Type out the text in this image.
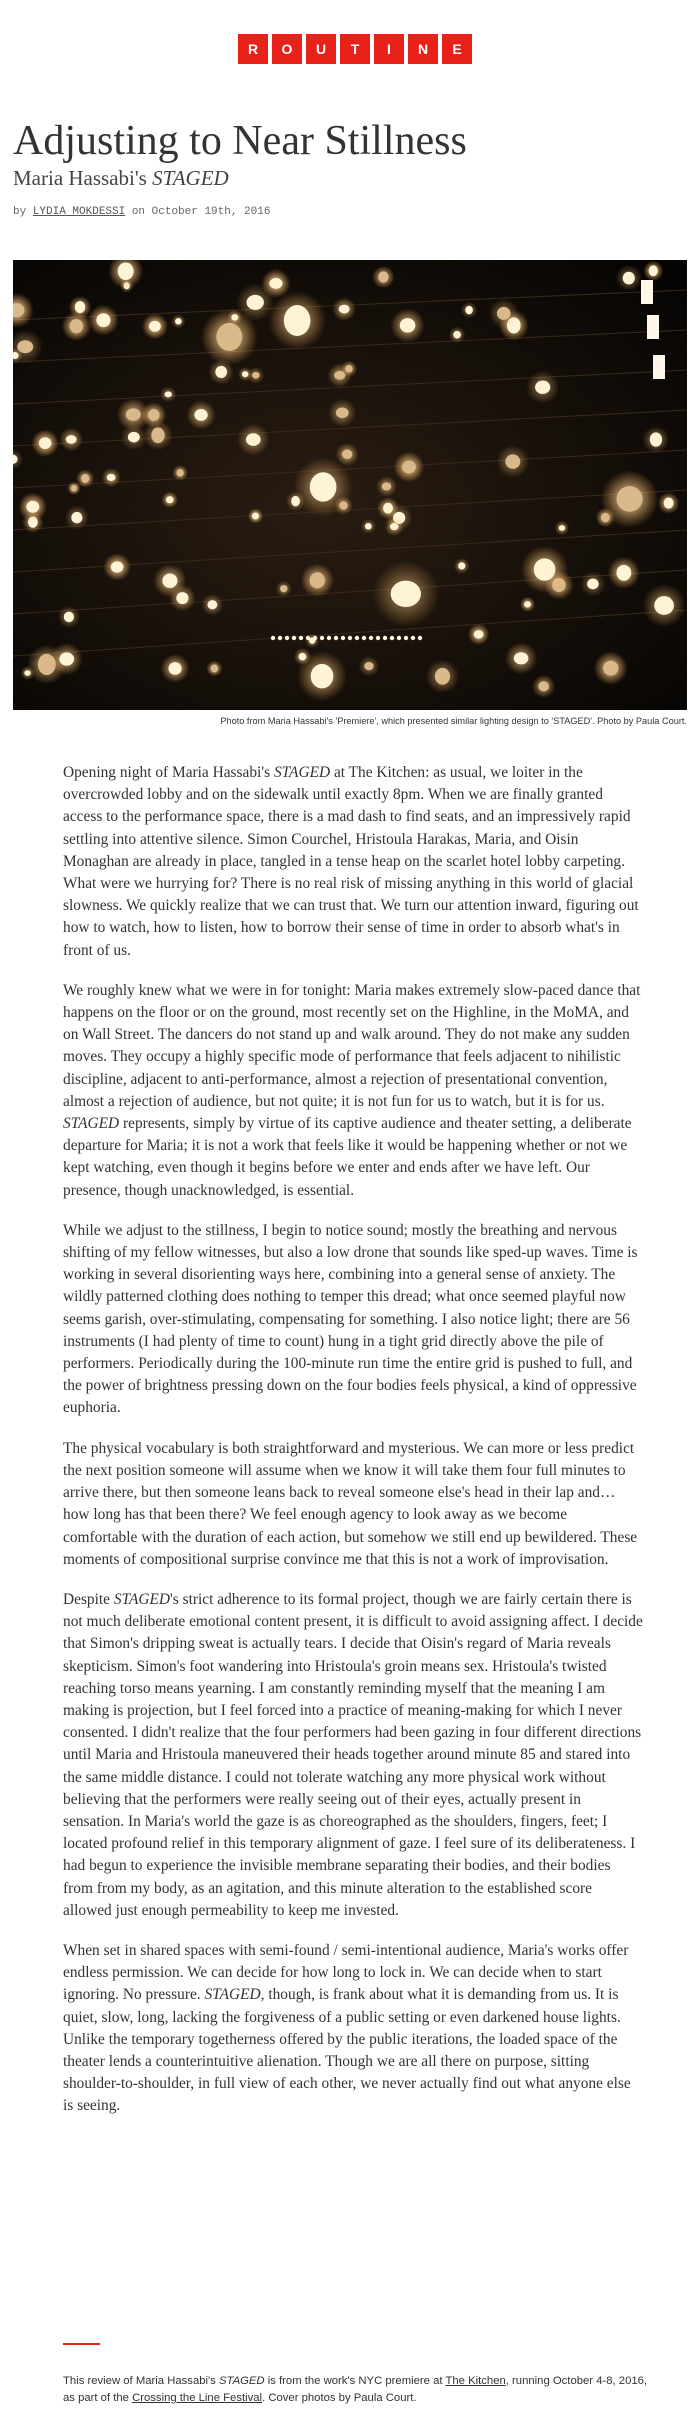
R	O	U	T	I	N	E
Adjusting to Near Stillness
Maria Hassabi's STAGED
by LYDIA MOKDESSI on October 19th, 2016
Photo from Maria Hassabi's 'Premiere', which presented similar lighting design to 'STAGED'. Photo by Paula Court.

Opening night of Maria Hassabi's STAGED at The Kitchen: as usual, we loiter in the overcrowded lobby and on the sidewalk until exactly 8pm. When we are finally granted access to the performance space, there is a mad dash to find seats, and an impressively rapid settling into attentive silence. Simon Courchel, Hristoula Harakas, Maria, and Oisin Monaghan are already in place, tangled in a tense heap on the scarlet hotel lobby carpeting. What were we hurrying for? There is no real risk of missing anything in this world of glacial slowness. We quickly realize that we can trust that. We turn our attention inward, figuring out how to watch, how to listen, how to borrow their sense of time in order to absorb what's in front of us.

We roughly knew what we were in for tonight: Maria makes extremely slow-paced dance that happens on the floor or on the ground, most recently set on the Highline, in the MoMA, and on Wall Street. The dancers do not stand up and walk around. They do not make any sudden moves. They occupy a highly specific mode of performance that feels adjacent to nihilistic discipline, adjacent to anti-performance, almost a rejection of presentational convention, almost a rejection of audience, but not quite; it is not fun for us to watch, but it is for us. STAGED represents, simply by virtue of its captive audience and theater setting, a deliberate departure for Maria; it is not a work that feels like it would be happening whether or not we kept watching, even though it begins before we enter and ends after we have left. Our presence, though unacknowledged, is essential.

While we adjust to the stillness, I begin to notice sound; mostly the breathing and nervous shifting of my fellow witnesses, but also a low drone that sounds like sped-up waves. Time is working in several disorienting ways here, combining into a general sense of anxiety. The wildly patterned clothing does nothing to temper this dread; what once seemed playful now seems garish, over-stimulating, compensating for something. I also notice light; there are 56 instruments (I had plenty of time to count) hung in a tight grid directly above the pile of performers. Periodically during the 100-minute run time the entire grid is pushed to full, and the power of brightness pressing down on the four bodies feels physical, a kind of oppressive euphoria.

The physical vocabulary is both straightforward and mysterious. We can more or less predict the next position someone will assume when we know it will take them four full minutes to arrive there, but then someone leans back to reveal someone else's head in their lap and… how long has that been there? We feel enough agency to look away as we become comfortable with the duration of each action, but somehow we still end up bewildered. These moments of compositional surprise convince me that this is not a work of improvisation.

Despite STAGED's strict adherence to its formal project, though we are fairly certain there is not much deliberate emotional content present, it is difficult to avoid assigning affect. I decide that Simon's dripping sweat is actually tears. I decide that Oisin's regard of Maria reveals skepticism. Simon's foot wandering into Hristoula's groin means sex. Hristoula's twisted reaching torso means yearning. I am constantly reminding myself that the meaning I am making is projection, but I feel forced into a practice of meaning-making for which I never consented. I didn't realize that the four performers had been gazing in four different directions until Maria and Hristoula maneuvered their heads together around minute 85 and stared into the same middle distance. I could not tolerate watching any more physical work without believing that the performers were really seeing out of their eyes, actually present in sensation. In Maria's world the gaze is as choreographed as the shoulders, fingers, feet; I located profound relief in this temporary alignment of gaze. I feel sure of its deliberateness. I had begun to experience the invisible membrane separating their bodies, and their bodies from from my body, as an agitation, and this minute alteration to the established score allowed just enough permeability to keep me invested.

When set in shared spaces with semi-found / semi-intentional audience, Maria's works offer endless permission. We can decide for how long to lock in. We can decide when to start ignoring. No pressure. STAGED, though, is frank about what it is demanding from us. It is quiet, slow, long, lacking the forgiveness of a public setting or even darkened house lights. Unlike the temporary togetherness offered by the public iterations, the loaded space of the theater lends a counterintuitive alienation. Though we are all there on purpose, sitting shoulder-to-shoulder, in full view of each other, we never actually find out what anyone else is seeing.

This review of Maria Hassabi's STAGED is from the work's NYC premiere at The Kitchen, running October 4-8, 2016, as part of the Crossing the Line Festival. Cover photos by Paula Court.
